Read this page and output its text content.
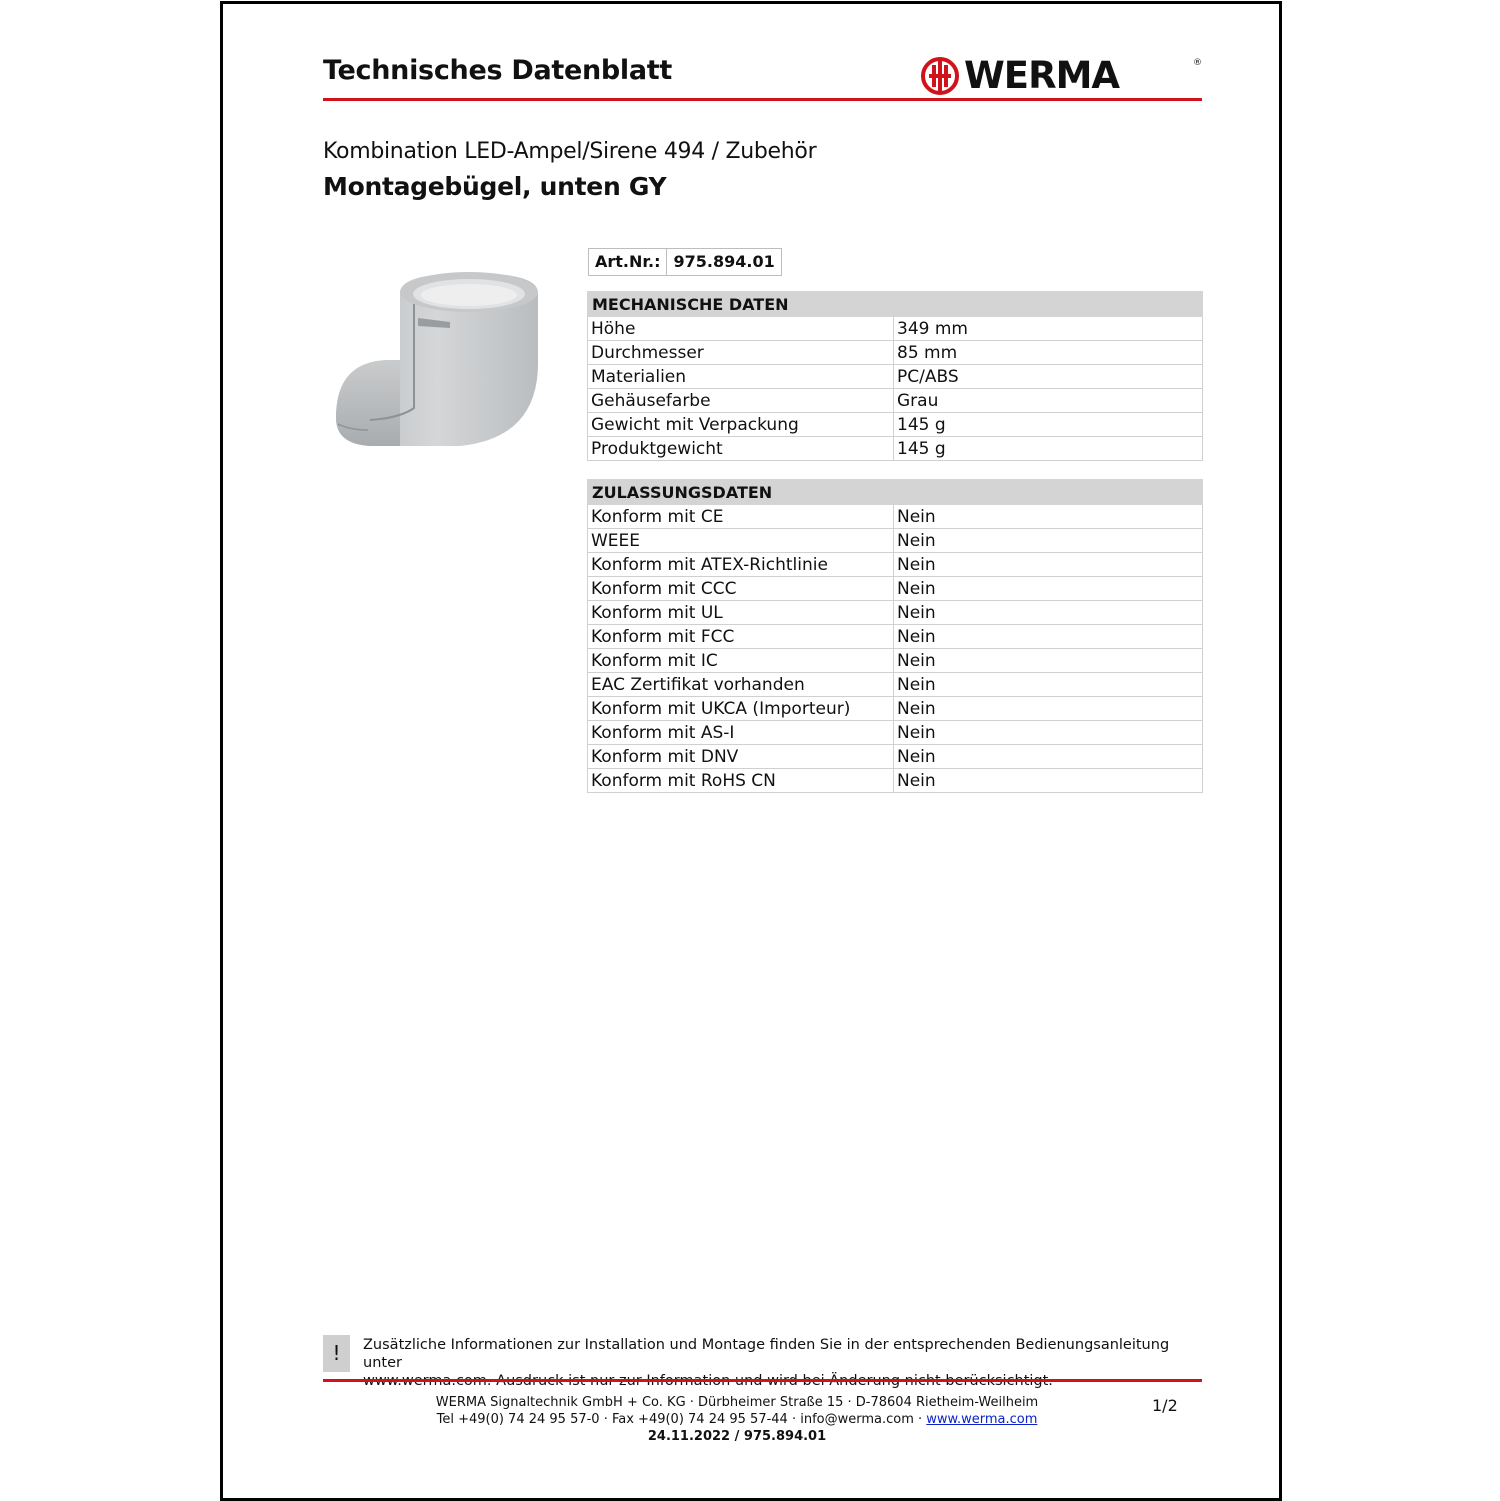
Technisches Datenblatt	WERMA	®
Kombination LED-Ampel/Sirene 494 / Zubehör
Montagebügel, unten GY
Art.Nr.: 975.894.01
MECHANISCHE DATEN	
Höhe	349 mm
Durchmesser	85 mm
Materialien	PC/ABS
Gehäusefarbe	Grau
Gewicht mit Verpackung	145 g
Produktgewicht	145 g
ZULASSUNGSDATEN	
Konform mit CE	Nein
WEEE	Nein
Konform mit ATEX-Richtlinie	Nein
Konform mit CCC	Nein
Konform mit UL	Nein
Konform mit FCC	Nein
Konform mit IC	Nein
EAC Zertifikat vorhanden	Nein
Konform mit UKCA (Importeur)	Nein
Konform mit AS-I	Nein
Konform mit DNV	Nein
Konform mit RoHS CN	Nein
!	Zusätzliche Informationen zur Installation und Montage finden Sie in der entsprechenden Bedienungsanleitung unter
WERMA Signaltechnik GmbH + Co. KG · Dürbheimer Straße 15 · D-78604 Rietheim-Weilheim
Tel +49(0) 74 24 95 57-0 · Fax +49(0) 74 24 95 57-44 · info@werma.com · www.werma.com
24.11.2022 / 975.894.01
1/2
